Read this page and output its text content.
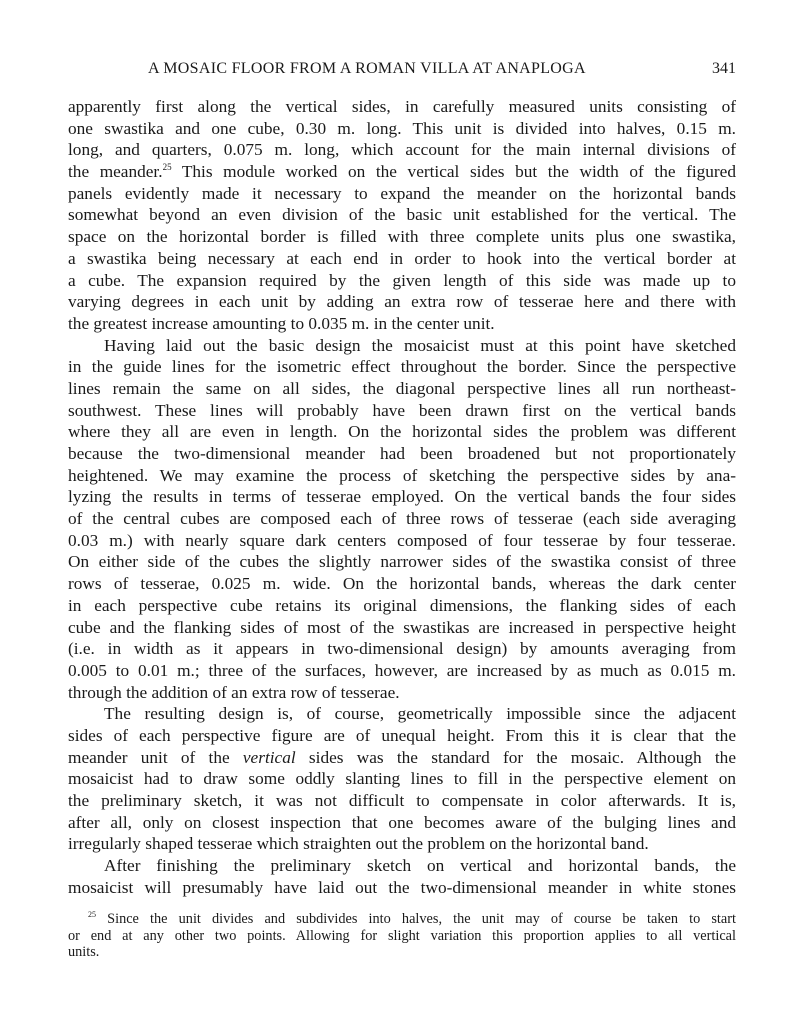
A MOSAIC FLOOR FROM A ROMAN VILLA AT ANAPLOGA	341
apparently first along the vertical sides, in carefully measured units consisting of
one swastika and one cube, 0.30 m. long. This unit is divided into halves, 0.15 m.
long, and quarters, 0.075 m. long, which account for the main internal divisions of
the meander.$^{25}$ This module worked on the vertical sides but the width of the figured
panels evidently made it necessary to expand the meander on the horizontal bands
somewhat beyond an even division of the basic unit established for the vertical. The
space on the horizontal border is filled with three complete units plus one swastika,
a swastika being necessary at each end in order to hook into the vertical border at
a cube. The expansion required by the given length of this side was made up to
varying degrees in each unit by adding an extra row of tesserae here and there with
the greatest increase amounting to 0.035 m. in the center unit.
Having laid out the basic design the mosaicist must at this point have sketched
in the guide lines for the isometric effect throughout the border. Since the perspective
lines remain the same on all sides, the diagonal perspective lines all run northeast-
southwest. These lines will probably have been drawn first on the vertical bands
where they all are even in length. On the horizontal sides the problem was different
because the two-dimensional meander had been broadened but not proportionately
heightened. We may examine the process of sketching the perspective sides by ana-
lyzing the results in terms of tesserae employed. On the vertical bands the four sides
of the central cubes are composed each of three rows of tesserae (each side averaging
0.03 m.) with nearly square dark centers composed of four tesserae by four tesserae.
On either side of the cubes the slightly narrower sides of the swastika consist of three
rows of tesserae, 0.025 m. wide. On the horizontal bands, whereas the dark center
in each perspective cube retains its original dimensions, the flanking sides of each
cube and the flanking sides of most of the swastikas are increased in perspective height
(i.e. in width as it appears in two-dimensional design) by amounts averaging from
0.005 to 0.01 m.; three of the surfaces, however, are increased by as much as 0.015 m.
through the addition of an extra row of tesserae.
The resulting design is, of course, geometrically impossible since the adjacent
sides of each perspective figure are of unequal height. From this it is clear that the
meander unit of the vertical sides was the standard for the mosaic. Although the
mosaicist had to draw some oddly slanting lines to fill in the perspective element on
the preliminary sketch, it was not difficult to compensate in color afterwards. It is,
after all, only on closest inspection that one becomes aware of the bulging lines and
irregularly shaped tesserae which straighten out the problem on the horizontal band.
After finishing the preliminary sketch on vertical and horizontal bands, the
mosaicist will presumably have laid out the two-dimensional meander in white stones
$^{25}$ Since the unit divides and subdivides into halves, the unit may of course be taken to start
or end at any other two points. Allowing for slight variation this proportion applies to all vertical
units.
